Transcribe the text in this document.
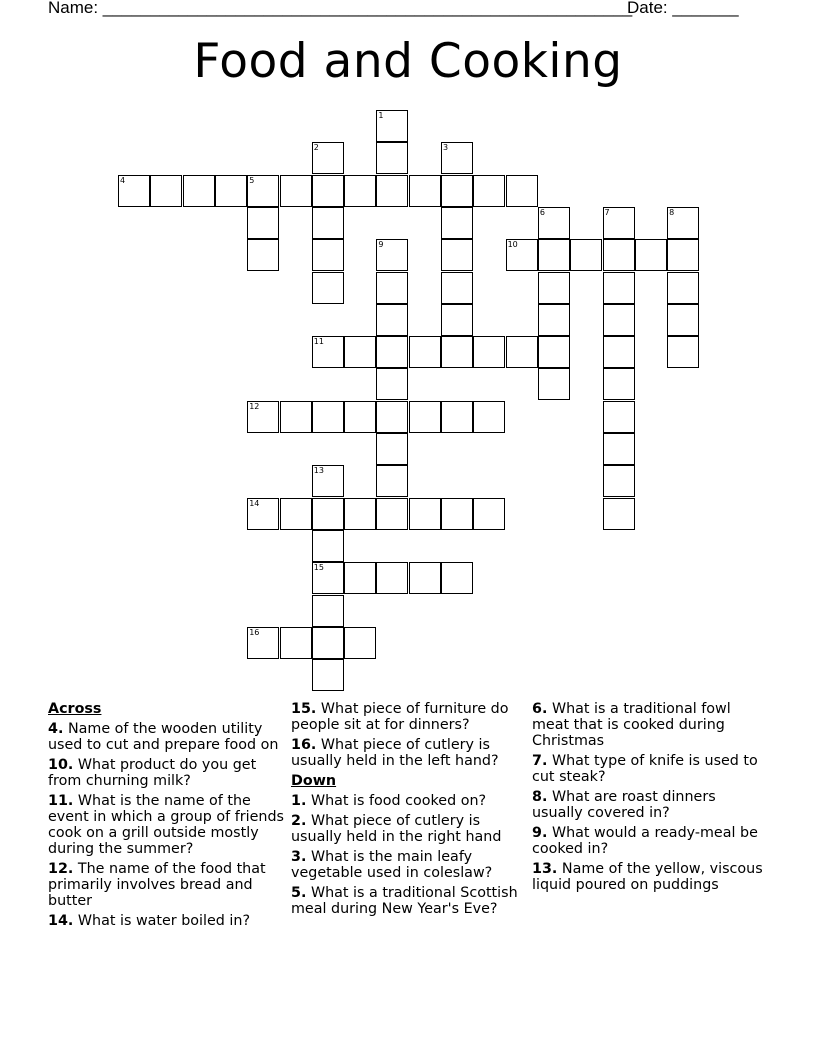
Name: ________________________________________________________
Date: _______
Food and Cooking
4	5
10
11
12
14
15
16
1
2	3
6	7	8
9
13
Across
4. Name of the wooden utility used to cut and prepare food on
10. What product do you get from churning milk?
11. What is the name of the event in which a group of friends cook on a grill outside mostly during the summer?
12. The name of the food that primarily involves bread and butter
14. What is water boiled in?
15. What piece of furniture do people sit at for dinners?
16. What piece of cutlery is usually held in the left hand?
Down
1. What is food cooked on?
2. What piece of cutlery is usually held in the right hand
3. What is the main leafy vegetable used in coleslaw?
5. What is a traditional Scottish meal during New Year's Eve?
6. What is a traditional fowl meat that is cooked during Christmas
7. What type of knife is used to cut steak?
8. What are roast dinners usually covered in?
9. What would a ready-meal be cooked in?
13. Name of the yellow, viscous liquid poured on puddings
